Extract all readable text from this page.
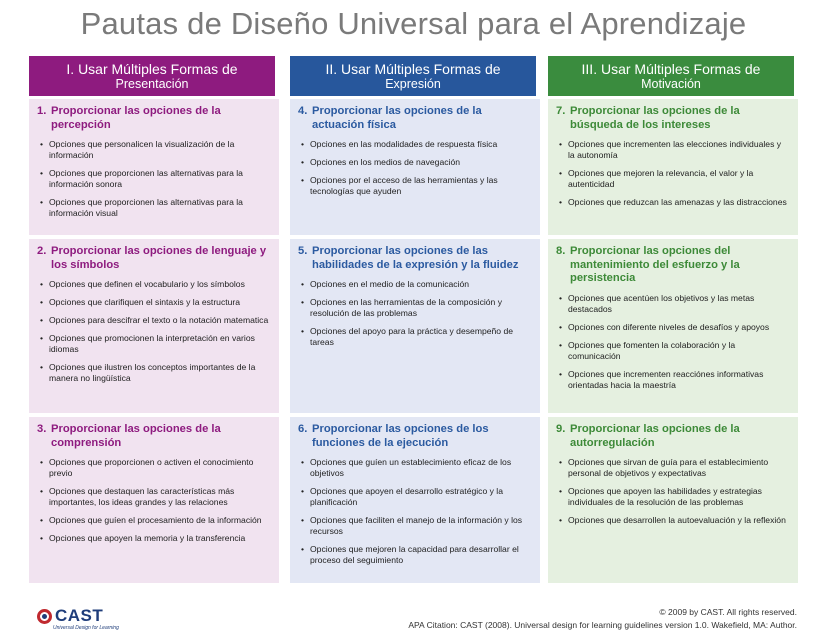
Pautas de Diseño Universal para el Aprendizaje
I. Usar Múltiples Formas de
Presentación
1. Proporcionar las opciones de la percepción
• Opciones que personalicen la visualización de la información
• Opciones que proporcionen las alternativas para la información sonora
• Opciones que proporcionen las alternativas para la información visual
2. Proporcionar las opciones de lenguaje y los símbolos
• Opciones que definen el vocabulario y los símbolos
• Opciones que clarifiquen el sintaxis y la estructura
• Opciones para descifrar el texto o la notación matematica
• Opciones que promocionen la interpretación en varios idiomas
• Opciones que ilustren los conceptos importantes de la manera no lingüística
3. Proporcionar las opciones de la comprensión
• Opciones que proporcionen o activen el conocimiento previo
• Opciones que destaquen las características más importantes, los ideas grandes y las relaciones
• Opciones que guíen el procesamiento de la información
• Opciones que apoyen la memoria y la transferencia
II. Usar Múltiples Formas de
Expresión
4. Proporcionar las opciones de la actuación física
• Opciones en las modalidades de respuesta física
• Opciones en los medios de navegación
• Opciones por el acceso de las herramientas y las tecnologías que ayuden
5. Proporcionar las opciones de las habilidades de la expresión y la fluidez
• Opciones en el medio de la comunicación
• Opciones en las herramientas de la composición y resolución de las problemas
• Opciones del apoyo para la práctica y desempeño de tareas
6. Proporcionar las opciones de los funciones de la ejecución
• Opciones que guíen un establecimiento eficaz de los objetivos
• Opciones que apoyen el desarrollo estratégico y la planificación
• Opciones que faciliten el manejo de la información y los recursos
• Opciones que mejoren la capacidad para desarrollar el proceso del seguimiento
III. Usar Múltiples Formas de
Motivación
7. Proporcionar las opciones de la búsqueda de los intereses
• Opciones que incrementen las elecciones individuales y la autonomía
• Opciones que mejoren la relevancia, el valor y la autenticidad
• Opciones que reduzcan las amenazas y las distracciones
8. Proporcionar las opciones del mantenimiento del esfuerzo y la persistencia
• Opciones que acentúen los objetivos y las metas destacados
• Opciones con diferente niveles de desafíos y apoyos
• Opciones que fomenten la colaboración y la comunicación
• Opciones que incrementen reacciónes informativas orientadas hacia la maestría
9. Proporcionar las opciones de la autorregulación
• Opciones que sirvan de guía para el establecimiento personal de objetivos y expectativas
• Opciones que apoyen las habilidades y estrategias individuales de la resolución de las problemas
• Opciones que desarrollen la autoevaluación y la reflexión
CAST
Universal Design for Learning
© 2009 by CAST. All rights reserved.
APA Citation: CAST (2008). Universal design for learning guidelines version 1.0. Wakefield, MA: Author.
